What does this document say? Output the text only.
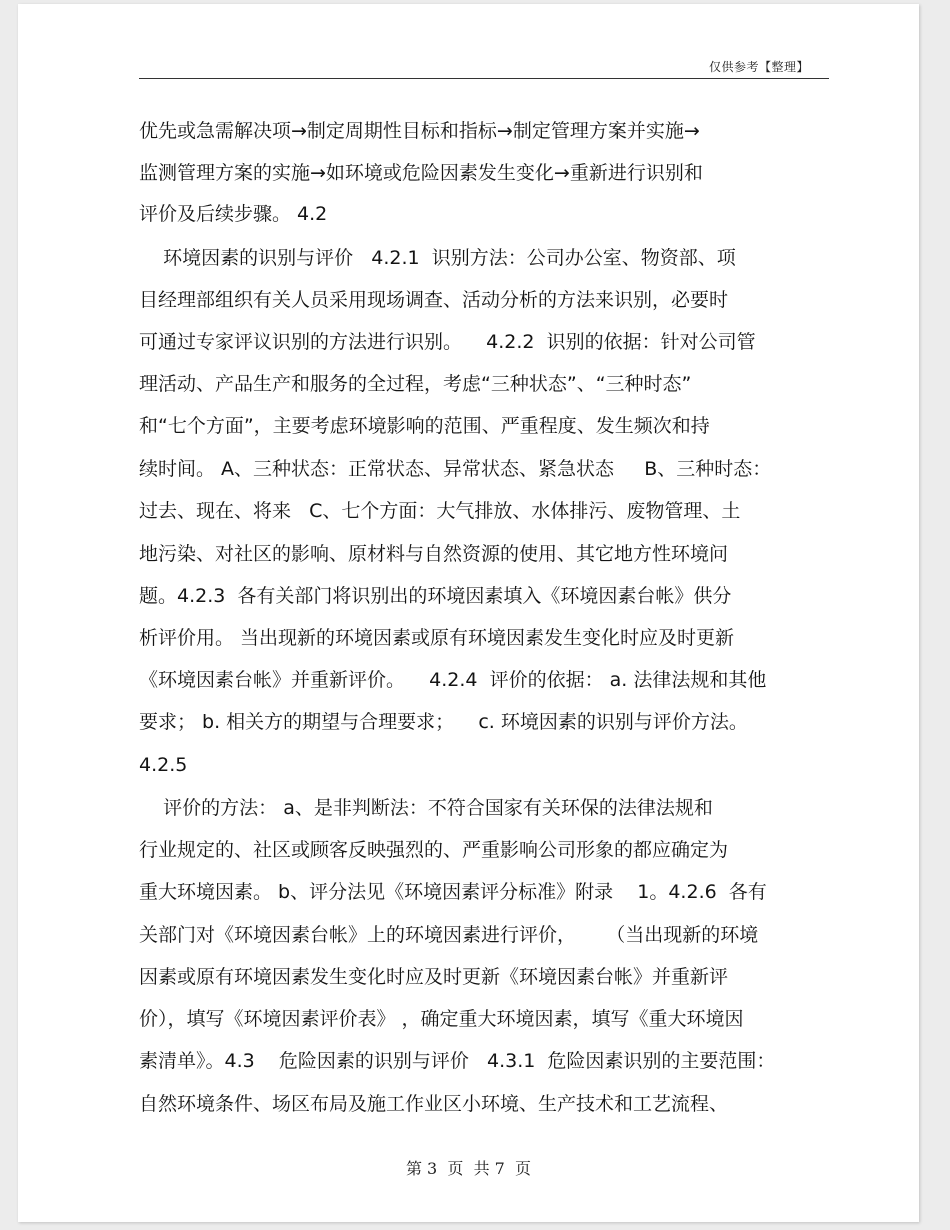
仅供参考【整理】
优先或急需解决项→制定周期性目标和指标→制定管理方案并实施→
监测管理方案的实施→如环境或危险因素发生变化→重新进行识别和
评价及后续步骤。 4.2
环境因素的识别与评价   4.2.1  识别方法：公司办公室、物资部、项
目经理部组织有关人员采用现场调查、活动分析的方法来识别，必要时
可通过专家评议识别的方法进行识别。    4.2.2  识别的依据：针对公司管
理活动、产品生产和服务的全过程，考虑“三种状态”、“三种时态”
和“七个方面”，主要考虑环境影响的范围、严重程度、发生频次和持
续时间。 A、三种状态：正常状态、异常状态、紧急状态     B、三种时态：
过去、现在、将来   C、七个方面：大气排放、水体排污、废物管理、土
地污染、对社区的影响、原材料与自然资源的使用、其它地方性环境问
题。4.2.3  各有关部门将识别出的环境因素填入《环境因素台帐》供分
析评价用。 当出现新的环境因素或原有环境因素发生变化时应及时更新
《环境因素台帐》并重新评价。    4.2.4  评价的依据： a. 法律法规和其他
要求； b. 相关方的期望与合理要求；    c. 环境因素的识别与评价方法。
4.2.5
评价的方法： a、是非判断法：不符合国家有关环保的法律法规和
行业规定的、社区或顾客反映强烈的、严重影响公司形象的都应确定为
重大环境因素。 b、评分法见《环境因素评分标准》附录    1。4.2.6  各有
关部门对《环境因素台帐》上的环境因素进行评价，     （当出现新的环境
因素或原有环境因素发生变化时应及时更新《环境因素台帐》并重新评
价），填写《环境因素评价表》 ，确定重大环境因素，填写《重大环境因
素清单》。4.3    危险因素的识别与评价   4.3.1  危险因素识别的主要范围：
自然环境条件、场区布局及施工作业区小环境、生产技术和工艺流程、
第 3  页  共 7  页
